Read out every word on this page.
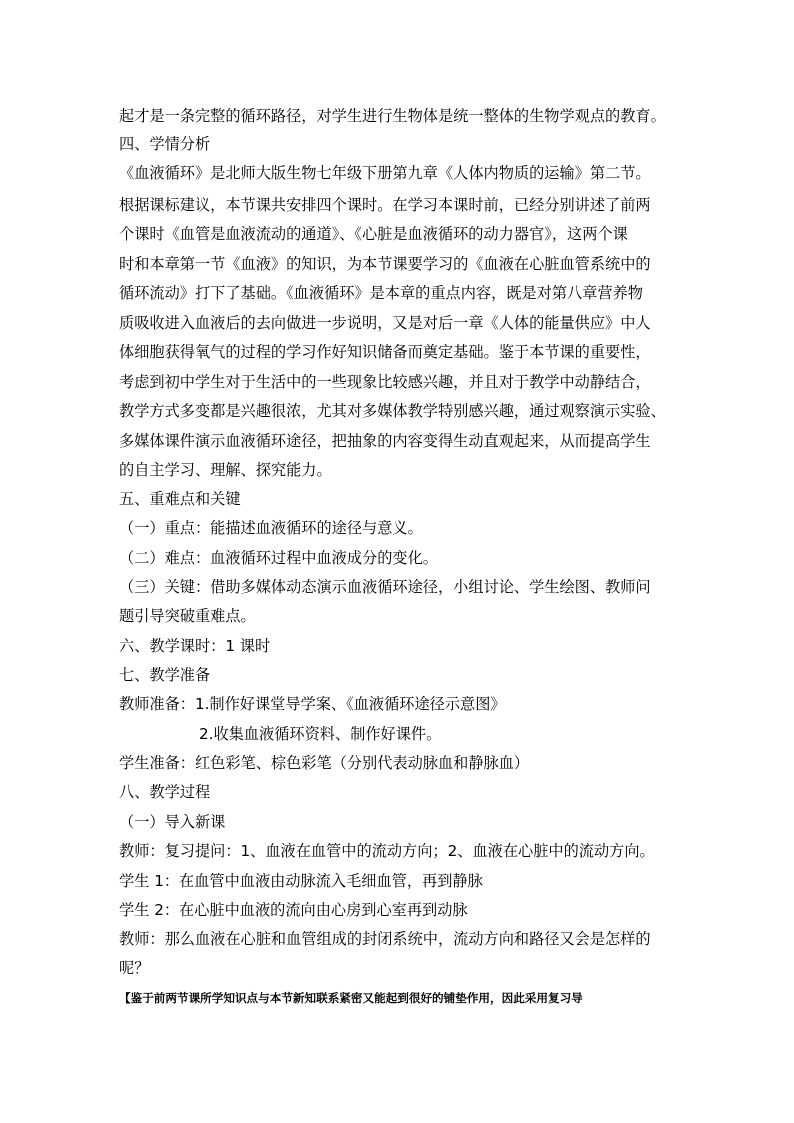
起才是一条完整的循环路径，对学生进行生物体是统一整体的生物学观点的教育。
四、学情分析
《血液循环》是北师大版生物七年级下册第九章《人体内物质的运输》第二节。
根据课标建议，本节课共安排四个课时。在学习本课时前，已经分别讲述了前两
个课时《血管是血液流动的通道》、《心脏是血液循环的动力器官》，这两个课
时和本章第一节《血液》的知识，为本节课要学习的《血液在心脏血管系统中的
循环流动》打下了基础。《血液循环》是本章的重点内容，既是对第八章营养物
质吸收进入血液后的去向做进一步说明，又是对后一章《人体的能量供应》中人
体细胞获得氧气的过程的学习作好知识储备而奠定基础。鉴于本节课的重要性，
考虑到初中学生对于生活中的一些现象比较感兴趣，并且对于教学中动静结合，
教学方式多变都是兴趣很浓，尤其对多媒体教学特别感兴趣，通过观察演示实验、
多媒体课件演示血液循环途径，把抽象的内容变得生动直观起来，从而提高学生
的自主学习、理解、探究能力。
五、重难点和关键
（一）重点：能描述血液循环的途径与意义。
（二）难点：血液循环过程中血液成分的变化。
（三）关键：借助多媒体动态演示血液循环途径，小组讨论、学生绘图、教师问
题引导突破重难点。
六、教学课时：1 课时
七、教学准备
教师准备：1.制作好课堂导学案、《血液循环途径示意图》
2.收集血液循环资料、制作好课件。
学生准备：红色彩笔、棕色彩笔（分别代表动脉血和静脉血）
八、教学过程
（一）导入新课
教师：复习提问：1、血液在血管中的流动方向；2、血液在心脏中的流动方向。
学生 1：在血管中血液由动脉流入毛细血管，再到静脉
学生 2：在心脏中血液的流向由心房到心室再到动脉
教师：那么血液在心脏和血管组成的封闭系统中，流动方向和路径又会是怎样的
呢？
【鉴于前两节课所学知识点与本节新知联系紧密又能起到很好的铺垫作用，因此采用复习导
